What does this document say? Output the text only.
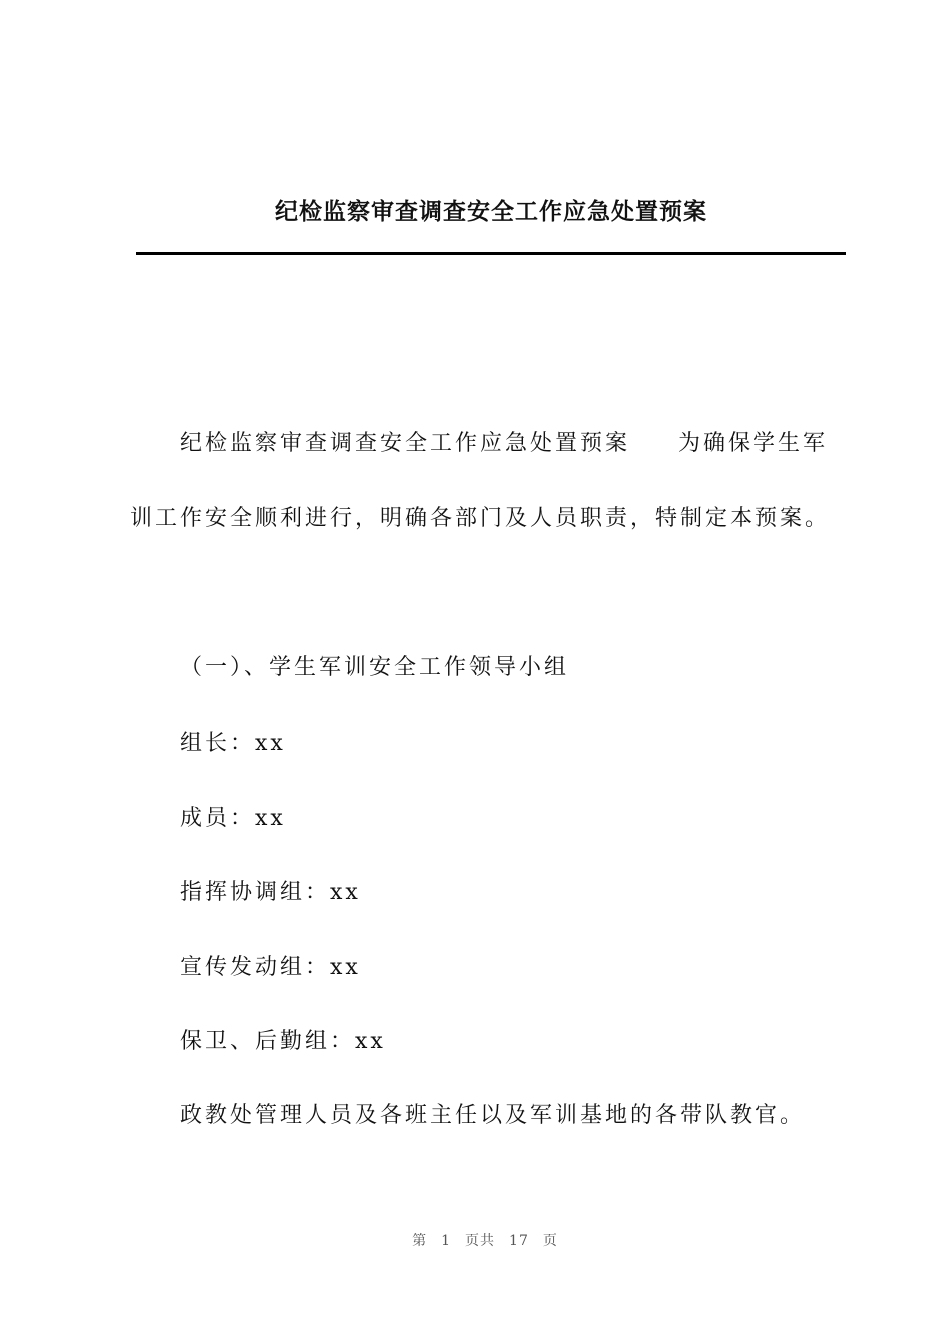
纪检监察审查调查安全工作应急处置预案
纪检监察审查调查安全工作应急处置预案 为确保学生军
训工作安全顺利进行，明确各部门及人员职责，特制定本预案。
（一）、学生军训安全工作领导小组
组长：xx
成员：xx
指挥协调组：xx
宣传发动组：xx
保卫、后勤组：xx
政教处管理人员及各班主任以及军训基地的各带队教官。
第 1 页共 17 页
